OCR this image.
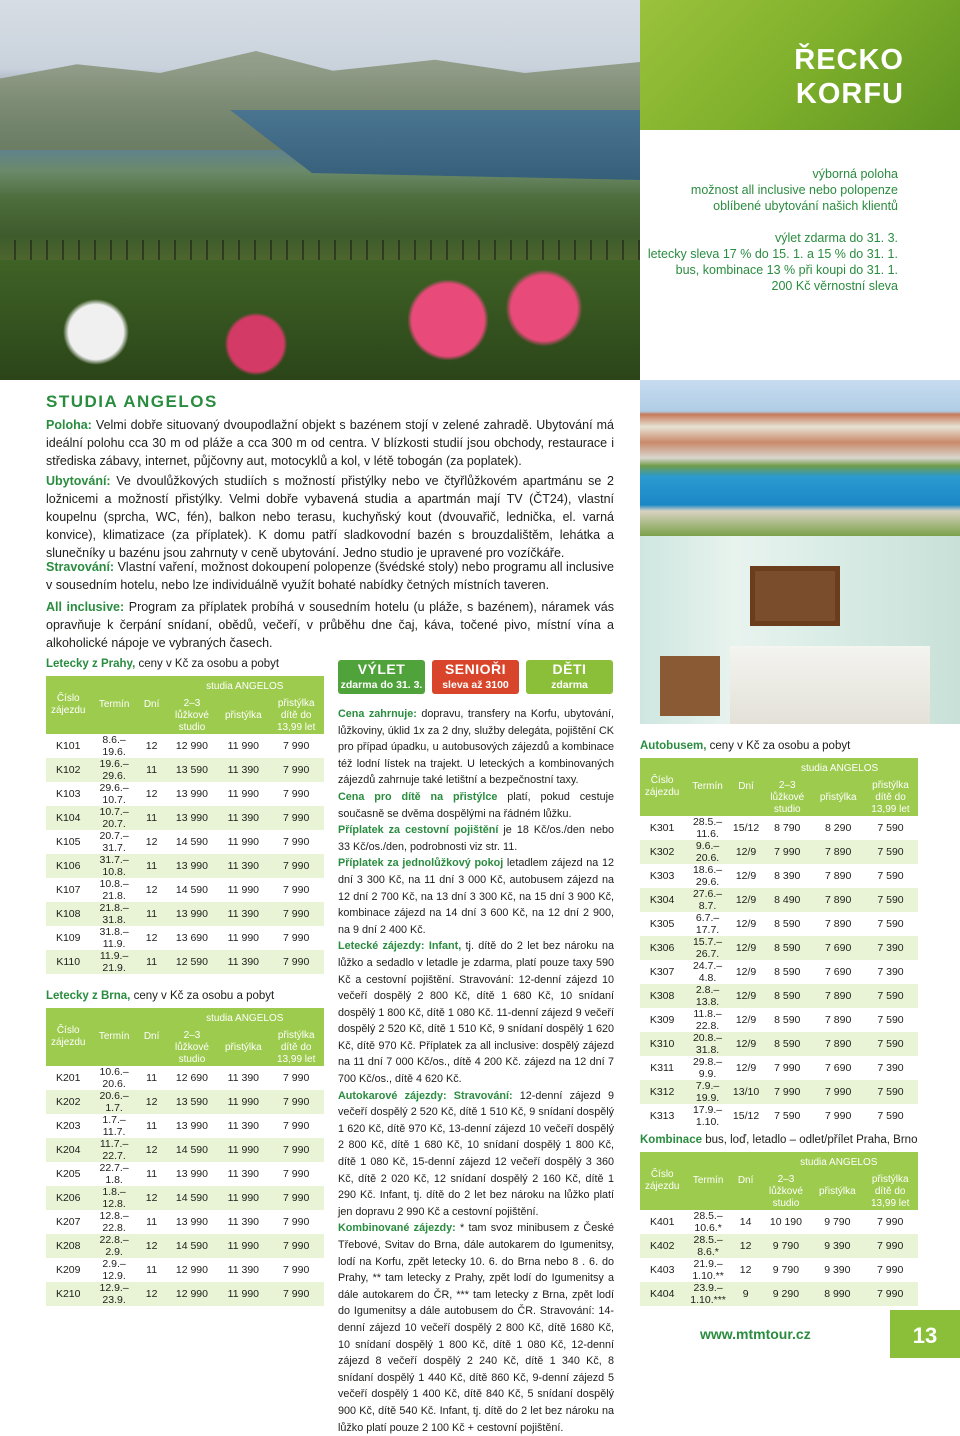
ŘECKO
KORFU
výborná poloha
možnost all inclusive nebo polopenze
oblíbené ubytování našich klientů
výlet zdarma do 31. 3.
letecky sleva 17 % do 15. 1. a 15 % do 31. 1.
bus, kombinace 13 % při koupi do 31. 1.
200 Kč věrnostní sleva
STUDIA ANGELOS
Poloha: Velmi dobře situovaný dvoupodlažní objekt s bazénem stojí v zelené zahradě. Ubytování má ideální polohu cca 30 m od pláže a cca 300 m od centra. V blízkosti studií jsou obchody, restaurace i střediska zábavy, internet, půjčovny aut, motocyklů a kol, v létě tobogán (za poplatek).
Ubytování: Ve dvoulůžkových studiích s možností přistýlky nebo ve čtyřlůžkovém apartmánu se 2 ložnicemi a možností přistýlky. Velmi dobře vybavená studia a apartmán mají TV (ČT24), vlastní koupelnu (sprcha, WC, fén), balkon nebo terasu, kuchyňský kout (dvouvařič, lednička, el. varná konvice), klimatizace (za příplatek). K domu patří sladkovodní bazén s brouzdalištěm, lehátka a slunečníky u bazénu jsou zahrnuty v ceně ubytování. Jedno studio je upravené pro vozíčkáře.
Stravování: Vlastní vaření, možnost dokoupení polopenze (švédské stoly) nebo programu all inclusive v sousedním hotelu, nebo lze individuálně využít bohaté nabídky četných místních taveren.
All inclusive: Program za příplatek probíhá v sousedním hotelu (u pláže, s bazénem), náramek vás opravňuje k čerpání snídaní, obědů, večeří, v průběhu dne čaj, káva, točené pivo, místní vína a alkoholické nápoje ve vybraných časech.
Letecky z Prahy, ceny v Kč za osobu a pobyt
Číslo zájezdu	Termín	Dní	studia ANGELOS		
			2–3 lůžkové studio	přistýlka	přistýlka dítě do 13,99 let
K101	8.6.–19.6.	12	12 990	11 990	7 990
K102	19.6.–29.6.	11	13 590	11 390	7 990
K103	29.6.–10.7.	12	13 990	11 990	7 990
K104	10.7.–20.7.	11	13 990	11 390	7 990
K105	20.7.–31.7.	12	14 590	11 990	7 990
K106	31.7.–10.8.	11	13 990	11 390	7 990
K107	10.8.–21.8.	12	14 590	11 990	7 990
K108	21.8.–31.8.	11	13 990	11 390	7 990
K109	31.8.–11.9.	12	13 690	11 990	7 990
K110	11.9.–21.9.	11	12 590	11 390	7 990
Letecky z Brna, ceny v Kč za osobu a pobyt
Číslo zájezdu	Termín	Dní	studia ANGELOS		
			2–3 lůžkové studio	přistýlka	přistýlka dítě do 13,99 let
K201	10.6.–20.6.	11	12 690	11 390	7 990
K202	20.6.–1.7.	12	13 590	11 990	7 990
K203	1.7.–11.7.	11	13 990	11 390	7 990
K204	11.7.–22.7.	12	14 590	11 990	7 990
K205	22.7.–1.8.	11	13 990	11 390	7 990
K206	1.8.–12.8.	12	14 590	11 990	7 990
K207	12.8.–22.8.	11	13 990	11 390	7 990
K208	22.8.–2.9.	12	14 590	11 990	7 990
K209	2.9.–12.9.	11	12 990	11 390	7 990
K210	12.9.–23.9.	12	12 990	11 990	7 990
Autobusem, ceny v Kč za osobu a pobyt
Číslo zájezdu	Termín	Dní	studia ANGELOS		
			2–3 lůžkové studio	přistýlka	přistýlka dítě do 13,99 let
K301	28.5.–11.6.	15/12	8 790	8 290	7 590
K302	9.6.–20.6.	12/9	7 990	7 890	7 590
K303	18.6.–29.6.	12/9	8 390	7 890	7 590
K304	27.6.–8.7.	12/9	8 490	7 890	7 590
K305	6.7.–17.7.	12/9	8 590	7 890	7 590
K306	15.7.–26.7.	12/9	8 590	7 690	7 390
K307	24.7.–4.8.	12/9	8 590	7 690	7 390
K308	2.8.–13.8.	12/9	8 590	7 890	7 590
K309	11.8.–22.8.	12/9	8 590	7 890	7 590
K310	20.8.–31.8.	12/9	8 590	7 890	7 590
K311	29.8.–9.9.	12/9	7 990	7 690	7 390
K312	7.9.–19.9.	13/10	7 990	7 990	7 590
K313	17.9.–1.10.	15/12	7 590	7 990	7 590
Kombinace bus, loď, letadlo – odlet/přílet Praha, Brno
Číslo zájezdu	Termín	Dní	studia ANGELOS		
			2–3 lůžkové studio	přistýlka	přistýlka dítě do 13,99 let
K401	28.5.–10.6.*	14	10 190	9 790	7 990
K402	28.5.–8.6.*	12	9 790	9 390	7 990
K403	21.9.–1.10.**	12	9 790	9 390	7 990
K404	23.9.–1.10.***	9	9 290	8 990	7 990
VÝLET
zdarma do 31. 3.
SENIOŘI
sleva až 3100
DĚTI
zdarma

Cena zahrnuje: dopravu, transfery na Korfu, ubytování, lůžkoviny, úklid 1x za 2 dny, služby delegáta, pojištění CK pro případ úpadku, u autobusových zájezdů a kombinace též lodní lístek na trajekt. U leteckých a kombinovaných zájezdů zahrnuje také letištní a bezpečnostní taxy.

Cena pro dítě na přistýlce platí, pokud cestuje současně se dvěma dospělými na řádném lůžku.

Příplatek za cestovní pojištění je 18 Kč/os./den nebo 33 Kč/os./den, podrobnosti viz str. 11.

Příplatek za jednolůžkový pokoj letadlem zájezd na 12 dní 3 300 Kč, na 11 dní 3 000 Kč, autobusem zájezd na 12 dní 2 700 Kč, na 13 dní 3 300 Kč, na 15 dní 3 900 Kč, kombinace zájezd na 14 dní 3 600 Kč, na 12 dní 2 900, na 9 dní 2 400 Kč.

Letecké zájezdy: Infant, tj. dítě do 2 let bez nároku na lůžko a sedadlo v letadle je zdarma, platí pouze taxy 590 Kč a cestovní pojištění. Stravování: 12-denní zájezd 10 večeří dospělý 2 800 Kč, dítě 1 680 Kč, 10 snídaní dospělý 1 800 Kč, dítě 1 080 Kč. 11-denní zájezd 9 večeří dospělý 2 520 Kč, dítě 1 510 Kč, 9 snídaní dospělý 1 620 Kč, dítě 970 Kč. Příplatek za all inclusive: dospělý zájezd na 11 dní 7 000 Kč/os., dítě 4 200 Kč. zájezd na 12 dní 7 700 Kč/os., dítě 4 620 Kč.

Autokarové zájezdy: Stravování: 12-denní zájezd 9 večeří dospělý 2 520 Kč, dítě 1 510 Kč, 9 snídaní dospělý 1 620 Kč, dítě 970 Kč, 13-denní zájezd 10 večeří dospělý 2 800 Kč, dítě 1 680 Kč, 10 snídaní dospělý 1 800 Kč, dítě 1 080 Kč, 15-denní zájezd 12 večeří dospělý 3 360 Kč, dítě 2 020 Kč, 12 snídaní dospělý 2 160 Kč, dítě 1 290 Kč. Infant, tj. dítě do 2 let bez nároku na lůžko platí jen dopravu 2 990 Kč a cestovní pojištění.

Kombinované zájezdy: * tam svoz minibusem z České Třebové, Svitav do Brna, dále autokarem do Igumenitsy, lodí na Korfu, zpět letecky 10. 6. do Brna nebo 8 . 6. do Prahy, ** tam letecky z Prahy, zpět lodí do Igumenitsy a dále autokarem do ČR, *** tam letecky z Brna, zpět lodí do Igumenitsy a dále autobusem do ČR. Stravování: 14-denní zájezd 10 večeří dospělý 2 800 Kč, dítě 1680 Kč, 10 snídaní dospělý 1 800 Kč, dítě 1 080 Kč, 12-denní zájezd 8 večeří dospělý 2 240 Kč, dítě 1 340 Kč, 8 snídaní dospělý 1 440 Kč, dítě 860 Kč, 9-denní zájezd 5 večeří dospělý 1 400 Kč, dítě 840 Kč, 5 snídaní dospělý 900 Kč, dítě 540 Kč. Infant, tj. dítě do 2 let bez nároku na lůžko platí pouze 2 100 Kč + cestovní pojištění.

www.mtmtour.cz	13
